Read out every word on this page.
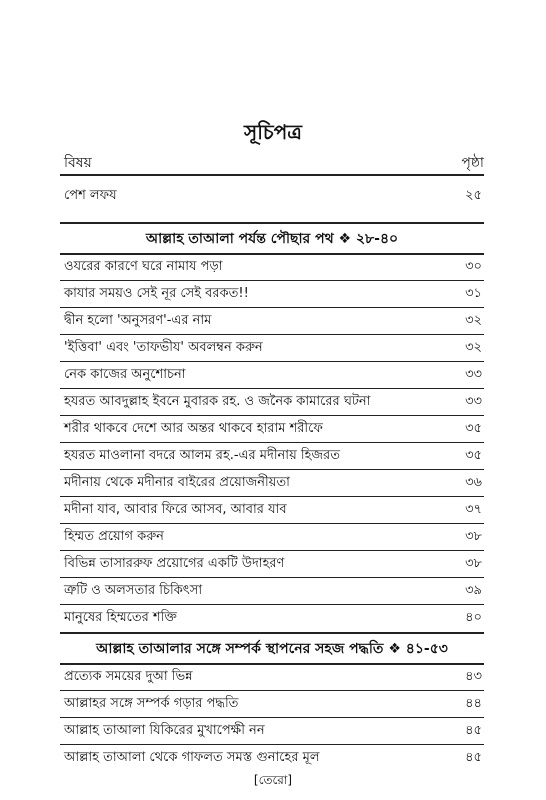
সূচিপত্র
বিষয়	পৃষ্ঠা
পেশ লফয	২৫
আল্লাহ তাআলা পর্যন্ত পৌছার পথ ❖ ২৮-৪০
ওযরের কারণে ঘরে নামায পড়া	৩০
কাযার সময়ও সেই নূর সেই বরকত!!	৩১
দ্বীন হলো 'অনুসরণ'-এর নাম	৩২
'ইত্তিবা' এবং 'তাফভীয' অবলম্বন করুন	৩২
নেক কাজের অনুশোচনা	৩৩
হযরত আবদুল্লাহ ইবনে মুবারক রহ. ও জনৈক কামারের ঘটনা	৩৩
শরীর থাকবে দেশে আর অন্তর থাকবে হারাম শরীফে	৩৫
হযরত মাওলানা বদরে আলম রহ.-এর মদীনায় হিজরত	৩৫
মদীনায় থেকে মদীনার বাইরের প্রয়োজনীয়তা	৩৬
মদীনা যাব, আবার ফিরে আসব, আবার যাব	৩৭
হিম্মত প্রয়োগ করুন	৩৮
বিভিন্ন তাসাররুফ প্রয়োগের একটি উদাহরণ	৩৮
ত্রুটি ও অলসতার চিকিৎসা	৩৯
মানুষের হিম্মতের শক্তি	৪০
আল্লাহ তাআলার সঙ্গে সম্পর্ক স্থাপনের সহজ পদ্ধতি ❖ ৪১-৫৩
প্রত্যেক সময়ের দুআ ভিন্ন	৪৩
আল্লাহর সঙ্গে সম্পর্ক গড়ার পদ্ধতি	৪৪
আল্লাহ তাআলা যিকিরের মুখাপেক্ষী নন	৪৫
আল্লাহ তাআলা থেকে গাফলত সমস্ত গুনাহের মূল	৪৫
[তেরো]
